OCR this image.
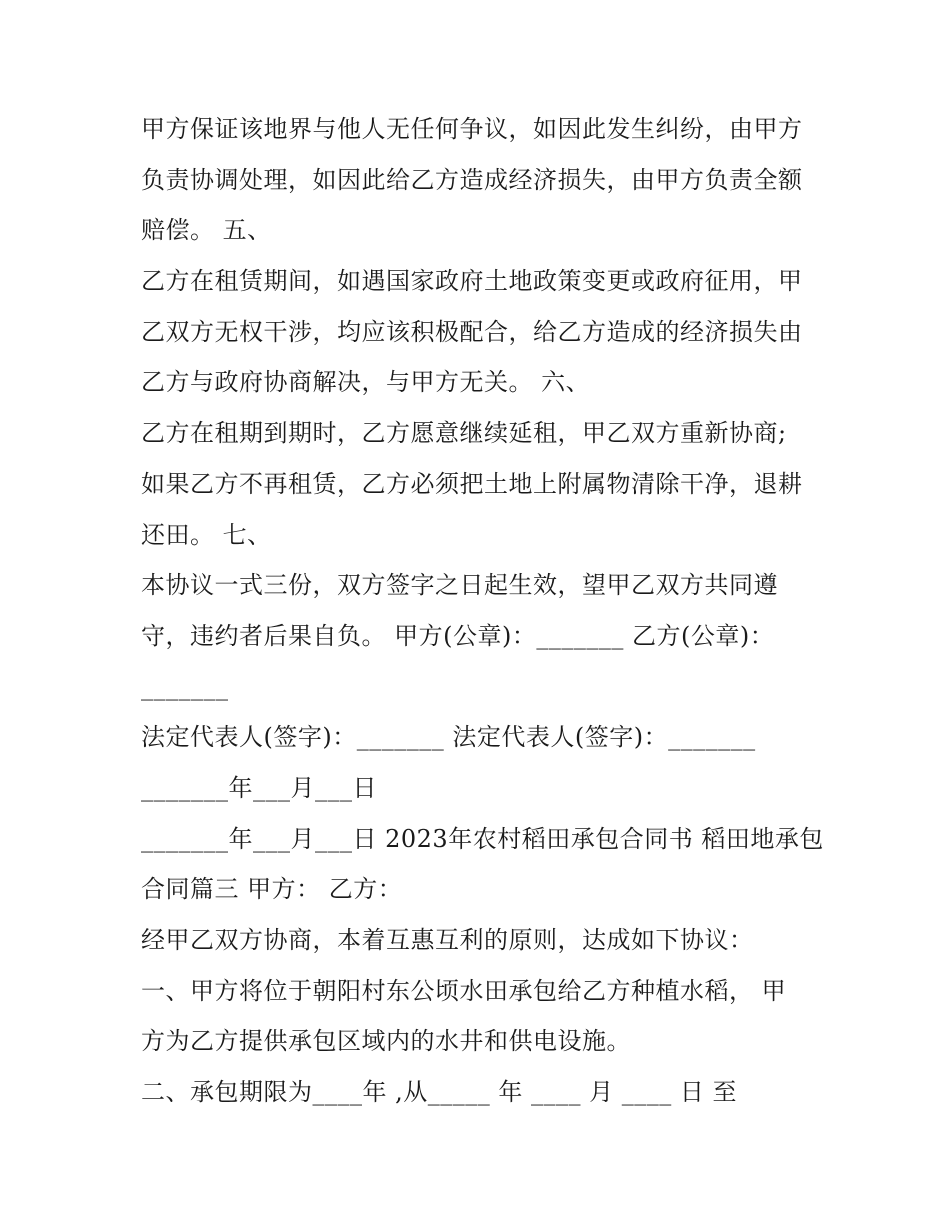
甲方保证该地界与他人无任何争议，如因此发生纠纷，由甲方
负责协调处理，如因此给乙方造成经济损失，由甲方负责全额
赔偿。 五、
乙方在租赁期间，如遇国家政府土地政策变更或政府征用，甲
乙双方无权干涉，均应该积极配合，给乙方造成的经济损失由
乙方与政府协商解决，与甲方无关。 六、
乙方在租期到期时，乙方愿意继续延租，甲乙双方重新协商;
如果乙方不再租赁，乙方必须把土地上附属物清除干净，退耕
还田。 七、
本协议一式三份，双方签字之日起生效，望甲乙双方共同遵
守，违约者后果自负。 甲方(公章)：_______ 乙方(公章)：
_______
法定代表人(签字)：_______ 法定代表人(签字)：_______
_______年___月___日
_______年___月___日 2023年农村稻田承包合同书 稻田地承包
合同篇三 甲方： 乙方：
经甲乙双方协商，本着互惠互利的原则，达成如下协议：
一、甲方将位于朝阳村东公顷水田承包给乙方种植水稻， 甲
方为乙方提供承包区域内的水井和供电设施。
二、承包期限为____年 ,从_____ 年 ____ 月 ____ 日 至
